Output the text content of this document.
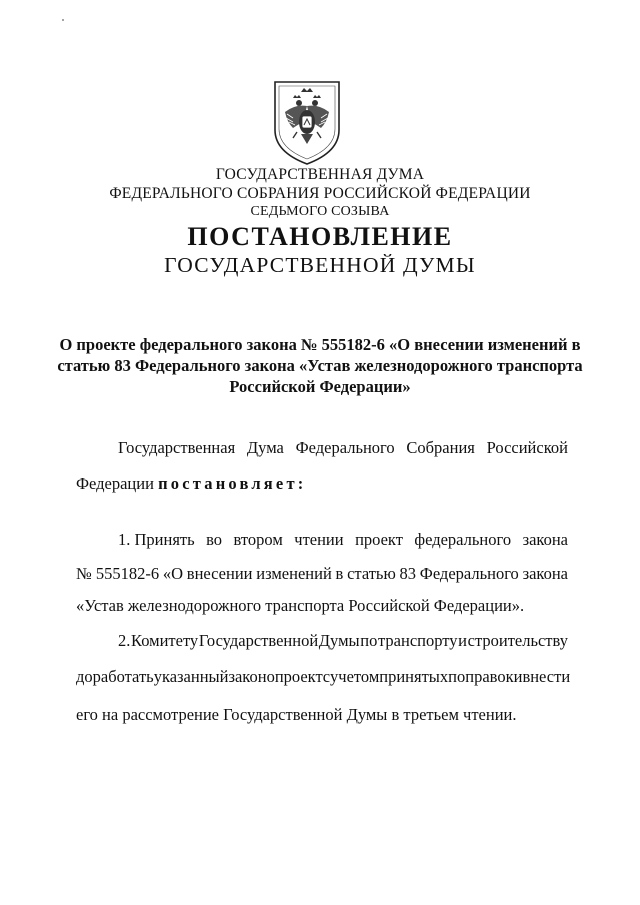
ГОСУДАРСТВЕННАЯ ДУМА
ФЕДЕРАЛЬНОГО СОБРАНИЯ РОССИЙСКОЙ ФЕДЕРАЦИИ
СЕДЬМОГО СОЗЫВА
ПОСТАНОВЛЕНИЕ
ГОСУДАРСТВЕННОЙ ДУМЫ
О проекте федерального закона № 555182-6 «О внесении изменений в
статью 83 Федерального закона «Устав железнодорожного транспорта
Российской Федерации»
Государственная Дума Федерального Собрания Российской
Федерации постановляет:
1. Принять во втором чтении проект федерального закона
№ 555182-6 «О внесении изменений в статью 83 Федерального закона
«Устав железнодорожного транспорта Российской Федерации».
2. Комитету Государственной Думы по транспорту и строительству
доработать указанный законопроект с учетом принятых поправок и внести
его на рассмотрение Государственной Думы в третьем чтении.
